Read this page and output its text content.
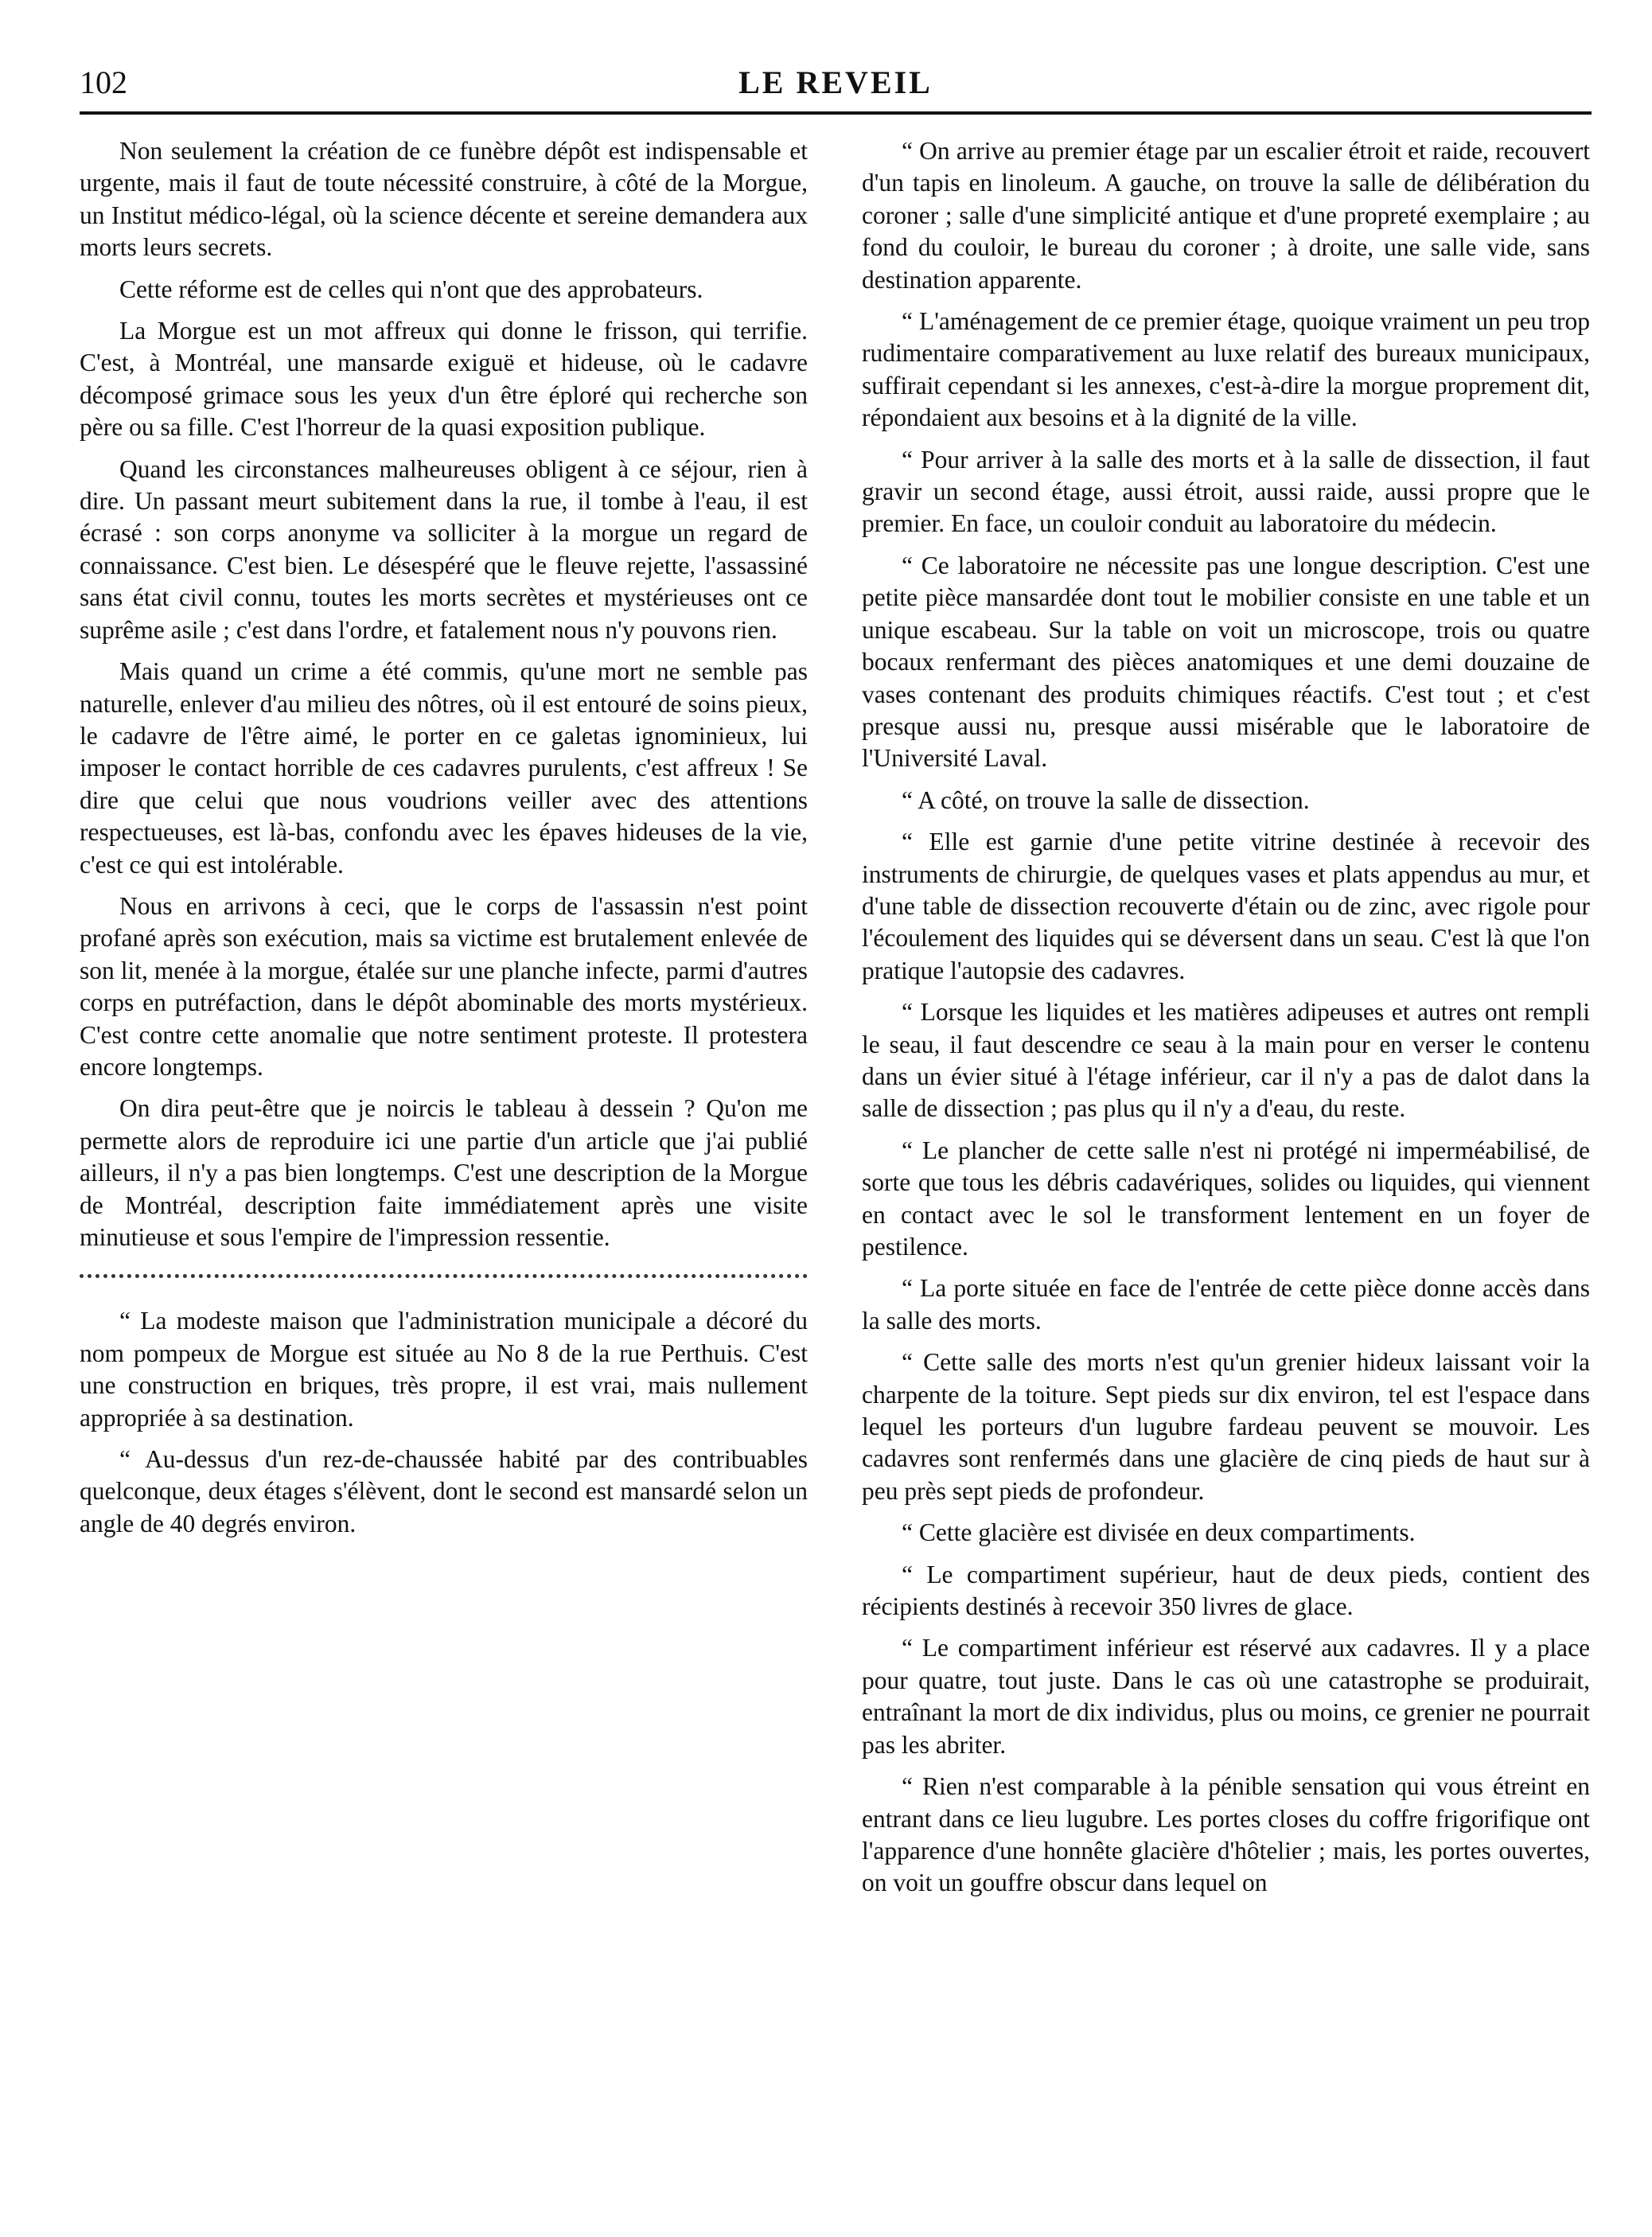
102	LE REVEIL

Non seulement la création de ce funèbre dépôt est indispensable et urgente, mais il faut de toute nécessité construire, à côté de la Morgue, un Institut médico-légal, où la science décente et sereine demandera aux morts leurs secrets.

Cette réforme est de celles qui n'ont que des approbateurs.

La Morgue est un mot affreux qui donne le frisson, qui terrifie. C'est, à Montréal, une mansarde exiguë et hideuse, où le cadavre décomposé grimace sous les yeux d'un être éploré qui recherche son père ou sa fille. C'est l'horreur de la quasi exposition publique.

Quand les circonstances malheureuses obligent à ce séjour, rien à dire. Un passant meurt subitement dans la rue, il tombe à l'eau, il est écrasé : son corps anonyme va solliciter à la morgue un regard de connaissance. C'est bien. Le désespéré que le fleuve rejette, l'assassiné sans état civil connu, toutes les morts secrètes et mystérieuses ont ce suprême asile ; c'est dans l'ordre, et fatalement nous n'y pouvons rien.

Mais quand un crime a été commis, qu'une mort ne semble pas naturelle, enlever d'au milieu des nôtres, où il est entouré de soins pieux, le cadavre de l'être aimé, le porter en ce galetas ignominieux, lui imposer le contact horrible de ces cadavres purulents, c'est affreux ! Se dire que celui que nous voudrions veiller avec des attentions respectueuses, est là-bas, confondu avec les épaves hideuses de la vie, c'est ce qui est intolérable.

Nous en arrivons à ceci, que le corps de l'assassin n'est point profané après son exécution, mais sa victime est brutalement enlevée de son lit, menée à la morgue, étalée sur une planche infecte, parmi d'autres corps en putréfaction, dans le dépôt abominable des morts mystérieux. C'est contre cette anomalie que notre sentiment proteste. Il protestera encore longtemps.

On dira peut-être que je noircis le tableau à dessein ? Qu'on me permette alors de reproduire ici une partie d'un article que j'ai publié ailleurs, il n'y a pas bien longtemps. C'est une description de la Morgue de Montréal, description faite immédiatement après une visite minutieuse et sous l'empire de l'impression ressentie.

“ La modeste maison que l'administration municipale a décoré du nom pompeux de Morgue est située au No 8 de la rue Perthuis. C'est une construction en briques, très propre, il est vrai, mais nullement appropriée à sa destination.

“ Au-dessus d'un rez-de-chaussée habité par des contribuables quelconque, deux étages s'élèvent, dont le second est mansardé selon un angle de 40 degrés environ.

“ On arrive au premier étage par un escalier étroit et raide, recouvert d'un tapis en linoleum. A gauche, on trouve la salle de délibération du coroner ; salle d'une simplicité antique et d'une propreté exemplaire ; au fond du couloir, le bureau du coroner ; à droite, une salle vide, sans destination apparente.

“ L'aménagement de ce premier étage, quoique vraiment un peu trop rudimentaire comparativement au luxe relatif des bureaux municipaux, suffirait cependant si les annexes, c'est-à-dire la morgue proprement dit, répondaient aux besoins et à la dignité de la ville.

“ Pour arriver à la salle des morts et à la salle de dissection, il faut gravir un second étage, aussi étroit, aussi raide, aussi propre que le premier. En face, un couloir conduit au laboratoire du médecin.

“ Ce laboratoire ne nécessite pas une longue description. C'est une petite pièce mansardée dont tout le mobilier consiste en une table et un unique escabeau. Sur la table on voit un microscope, trois ou quatre bocaux renfermant des pièces anatomiques et une demi douzaine de vases contenant des produits chimiques réactifs. C'est tout ; et c'est presque aussi nu, presque aussi misérable que le laboratoire de l'Université Laval.

“ A côté, on trouve la salle de dissection.

“ Elle est garnie d'une petite vitrine destinée à recevoir des instruments de chirurgie, de quelques vases et plats appendus au mur, et d'une table de dissection recouverte d'étain ou de zinc, avec rigole pour l'écoulement des liquides qui se déversent dans un seau. C'est là que l'on pratique l'autopsie des cadavres.

“ Lorsque les liquides et les matières adipeuses et autres ont rempli le seau, il faut descendre ce seau à la main pour en verser le contenu dans un évier situé à l'étage inférieur, car il n'y a pas de dalot dans la salle de dissection ; pas plus qu il n'y a d'eau, du reste.

“ Le plancher de cette salle n'est ni protégé ni imperméabilisé, de sorte que tous les débris cadavériques, solides ou liquides, qui viennent en contact avec le sol le transforment lentement en un foyer de pestilence.

“ La porte située en face de l'entrée de cette pièce donne accès dans la salle des morts.

“ Cette salle des morts n'est qu'un grenier hideux laissant voir la charpente de la toiture. Sept pieds sur dix environ, tel est l'espace dans lequel les porteurs d'un lugubre fardeau peuvent se mouvoir. Les cadavres sont renfermés dans une glacière de cinq pieds de haut sur à peu près sept pieds de profondeur.

“ Cette glacière est divisée en deux compartiments.

“ Le compartiment supérieur, haut de deux pieds, contient des récipients destinés à recevoir 350 livres de glace.

“ Le compartiment inférieur est réservé aux cadavres. Il y a place pour quatre, tout juste. Dans le cas où une catastrophe se produirait, entraînant la mort de dix individus, plus ou moins, ce grenier ne pourrait pas les abriter.

“ Rien n'est comparable à la pénible sensation qui vous étreint en entrant dans ce lieu lugubre. Les portes closes du coffre frigorifique ont l'apparence d'une honnête glacière d'hôtelier ; mais, les portes ouvertes, on voit un gouffre obscur dans lequel on
